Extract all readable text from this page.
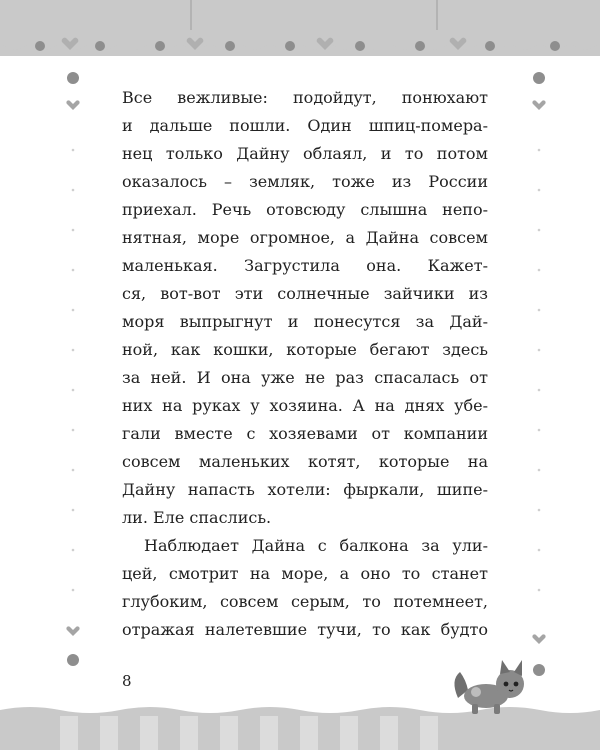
Все вежливые: подойдут, понюхают
и дальше пошли. Один шпиц-помера-
нец только Дайну облаял, и то потом
оказалось – земляк, тоже из России
приехал. Речь отовсюду слышна непо-
нятная, море огромное, а Дайна совсем
маленькая. Загрустила она. Кажет-
ся, вот-вот эти солнечные зайчики из
моря выпрыгнут и понесутся за Дай-
ной, как кошки, которые бегают здесь
за ней. И она уже не раз спасалась от
них на руках у хозяина. А на днях убе-
гали вместе с хозяевами от компании
совсем маленьких котят, которые на
Дайну напасть хотели: фыркали, шипе-
ли. Еле спаслись.
Наблюдает Дайна с балкона за ули-
цей, смотрит на море, а оно то станет
глубоким, совсем серым, то потемнеет,
отражая налетевшие тучи, то как будто
8
